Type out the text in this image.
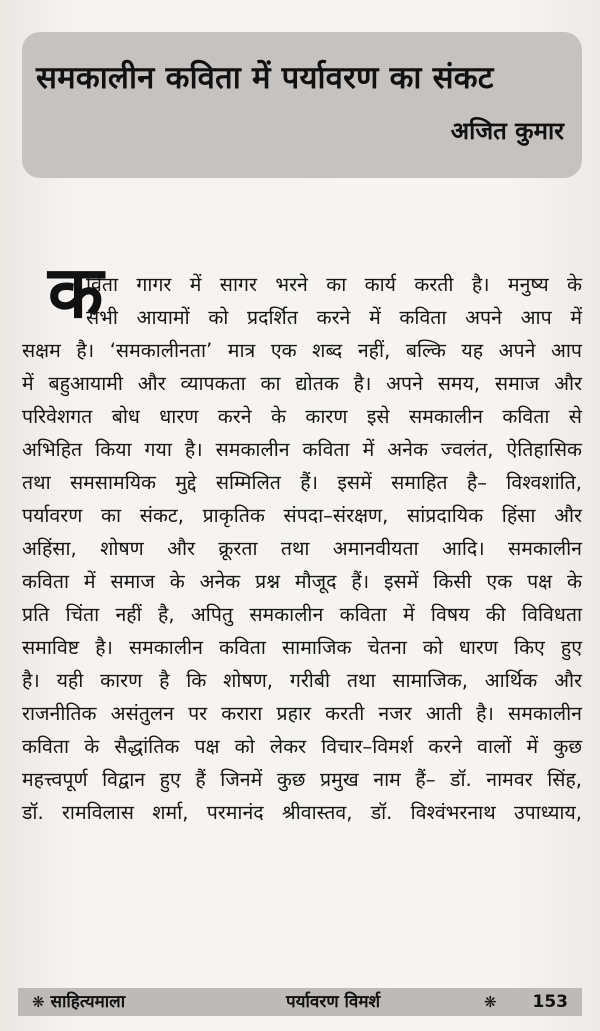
समकालीन कविता में पर्यावरण का संकट
अजित कुमार
क
विता गागर में सागर भरने का कार्य करती है। मनुष्य के
सभी आयामों को प्रदर्शित करने में कविता अपने आप में
सक्षम है। ‘समकालीनता’ मात्र एक शब्द नहीं, बल्कि यह अपने आप
में बहुआयामी और व्यापकता का द्योतक है। अपने समय, समाज और
परिवेशगत बोध धारण करने के कारण इसे समकालीन कविता से
अभिहित किया गया है। समकालीन कविता में अनेक ज्वलंत, ऐतिहासिक
तथा समसामयिक मुद्दे सम्मिलित हैं। इसमें समाहित है– विश्वशांति,
पर्यावरण का संकट, प्राकृतिक संपदा–संरक्षण, सांप्रदायिक हिंसा और
अहिंसा, शोषण और क्रूरता तथा अमानवीयता आदि। समकालीन
कविता में समाज के अनेक प्रश्न मौजूद हैं। इसमें किसी एक पक्ष के
प्रति चिंता नहीं है, अपितु समकालीन कविता में विषय की विविधता
समाविष्ट है। समकालीन कविता सामाजिक चेतना को धारण किए हुए
है। यही कारण है कि शोषण, गरीबी तथा सामाजिक, आर्थिक और
राजनीतिक असंतुलन पर करारा प्रहार करती नजर आती है। समकालीन
कविता के सैद्धांतिक पक्ष को लेकर विचार–विमर्श करने वालों में कुछ
महत्त्वपूर्ण विद्वान हुए हैं जिनमें कुछ प्रमुख नाम हैं– डॉ. नामवर सिंह,
डॉ. रामविलास शर्मा, परमानंद श्रीवास्तव, डॉ. विश्वंभरनाथ उपाध्याय,
❋ साहित्यमाला	पर्यावरण विमर्श	❋ 153
